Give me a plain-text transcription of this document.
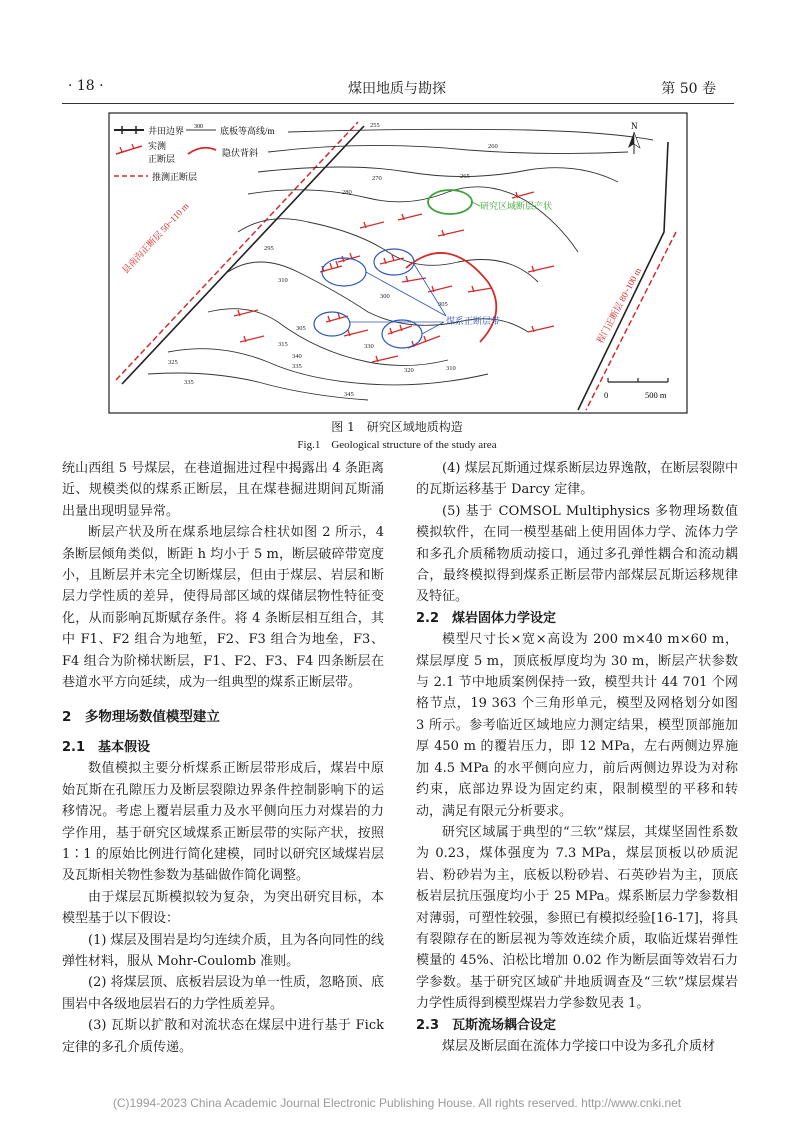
· 18 ·	煤田地质与勘探	第 50 卷
井田边界 300 底板等高线/m
实测
隐伏背斜
推测正断层
正断层
县南沟正断层 50~110 m
程门正断层 80~100 m
255
260
265
270
280
295
300
305
305
310
310
315
320
325
330
335
335
340
345
研究区域断层产状
煤系正断层带
N
0	500 m
图 1　研究区域地质构造
Fig.1　Geological structure of the study area

统山西组 5 号煤层，在巷道掘进过程中揭露出 4 条距离近、规模类似的煤系正断层，且在煤巷掘进期间瓦斯涌出量出现明显异常。

断层产状及所在煤系地层综合柱状如图 2 所示，4 条断层倾角类似，断距 h 均小于 5 m，断层破碎带宽度小，且断层并未完全切断煤层，但由于煤层、岩层和断层力学性质的差异，使得局部区域的煤储层物性特征变化，从而影响瓦斯赋存条件。将 4 条断层相互组合，其中 F1、F2 组合为地堑，F2、F3 组合为地垒，F3、F4 组合为阶梯状断层，F1、F2、F3、F4 四条断层在巷道水平方向延续，成为一组典型的煤系正断层带。

2　多物理场数值模型建立
2.1　基本假设

数值模拟主要分析煤系正断层带形成后，煤岩中原始瓦斯在孔隙压力及断层裂隙边界条件控制影响下的运移情况。考虑上覆岩层重力及水平侧向压力对煤岩的力学作用，基于研究区域煤系正断层带的实际产状，按照 1∶1 的原始比例进行简化建模，同时以研究区域煤岩层及瓦斯相关物性参数为基础做作简化调整。

由于煤层瓦斯模拟较为复杂，为突出研究目标，本模型基于以下假设：

(1) 煤层及围岩是均匀连续介质，且为各向同性的线弹性材料，服从 Mohr-Coulomb 准则。

(2) 将煤层顶、底板岩层设为单一性质，忽略顶、底围岩中各级地层岩石的力学性质差异。

(3) 瓦斯以扩散和对流状态在煤层中进行基于 Fick 定律的多孔介质传递。

(4) 煤层瓦斯通过煤系断层边界逸散，在断层裂隙中的瓦斯运移基于 Darcy 定律。

(5) 基于 COMSOL Multiphysics 多物理场数值模拟软件，在同一模型基础上使用固体力学、流体力学和多孔介质稀物质动接口，通过多孔弹性耦合和流动耦合，最终模拟得到煤系正断层带内部煤层瓦斯运移规律及特征。

2.2　煤岩固体力学设定

模型尺寸长×宽×高设为 200 m×40 m×60 m，煤层厚度 5 m，顶底板厚度均为 30 m，断层产状参数与 2.1 节中地质案例保持一致，模型共计 44 701 个网格节点，19 363 个三角形单元，模型及网格划分如图 3 所示。参考临近区域地应力测定结果，模型顶部施加厚 450 m 的覆岩压力，即 12 MPa，左右两侧边界施加 4.5 MPa 的水平侧向应力，前后两侧边界设为对称约束，底部边界设为固定约束，限制模型的平移和转动，满足有限元分析要求。

研究区域属于典型的“三软”煤层，其煤坚固性系数为 0.23，煤体强度为 7.3 MPa，煤层顶板以砂质泥岩、粉砂岩为主，底板以粉砂岩、石英砂岩为主，顶底板岩层抗压强度均小于 25 MPa。煤系断层力学参数相对薄弱，可塑性较强，参照已有模拟经验[16-17]，将具有裂隙存在的断层视为等效连续介质，取临近煤岩弹性模量的 45%、泊松比增加 0.02 作为断层面等效岩石力学参数。基于研究区域矿井地质调查及“三软”煤层煤岩力学性质得到模型煤岩力学参数见表 1。

2.3　瓦斯流场耦合设定

煤层及断层面在流体力学接口中设为多孔介质材

(C)1994-2023 China Academic Journal Electronic Publishing House. All rights reserved. http://www.cnki.net
